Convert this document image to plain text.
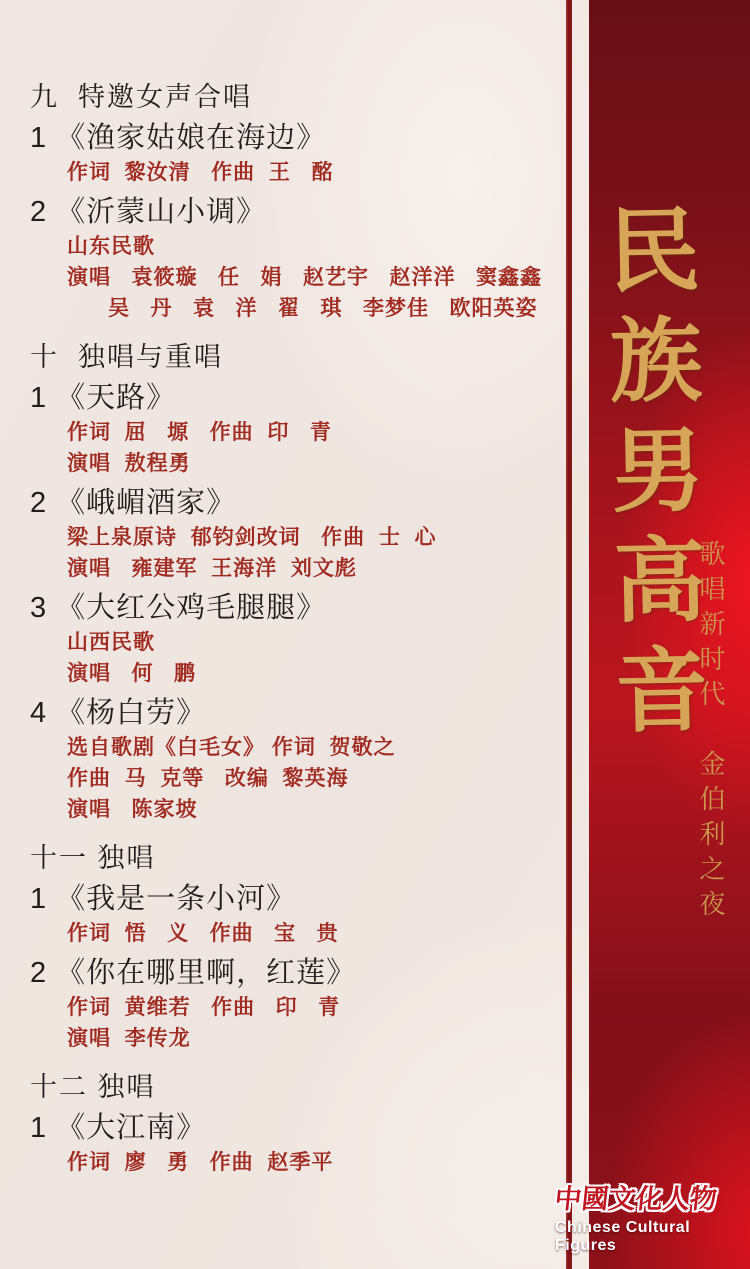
九  特邀女声合唱
1 《渔家姑娘在海边》

作词  黎汝清   作曲  王   酩

2 《沂蒙山小调》

山东民歌

演唱   袁筱璇   任   娟   赵艺宇   赵洋洋   窦鑫鑫

吴   丹   袁   洋   翟   琪   李梦佳   欧阳英姿

十  独唱与重唱
1 《天路》

作词  屈   塬   作曲  印   青

演唱  敖程勇

2 《峨嵋酒家》

梁上泉原诗  郁钧剑改词   作曲  士  心

演唱   雍建军  王海洋  刘文彪

3 《大红公鸡毛腿腿》

山西民歌

演唱   何   鹏

4 《杨白劳》

选自歌剧《白毛女》 作词  贺敬之

作曲  马  克等   改编  黎英海

演唱   陈家坡

十一 独唱
1 《我是一条小河》

作词  悟   义   作曲   宝   贵

2 《你在哪里啊，红莲》

作词  黄维若   作曲   印   青

演唱  李传龙

十二 独唱
1 《大江南》

作词  廖   勇   作曲  赵季平

民族男高音
歌唱新时代　金伯利之夜
中國文化人物
Chinese Cultural Figures
